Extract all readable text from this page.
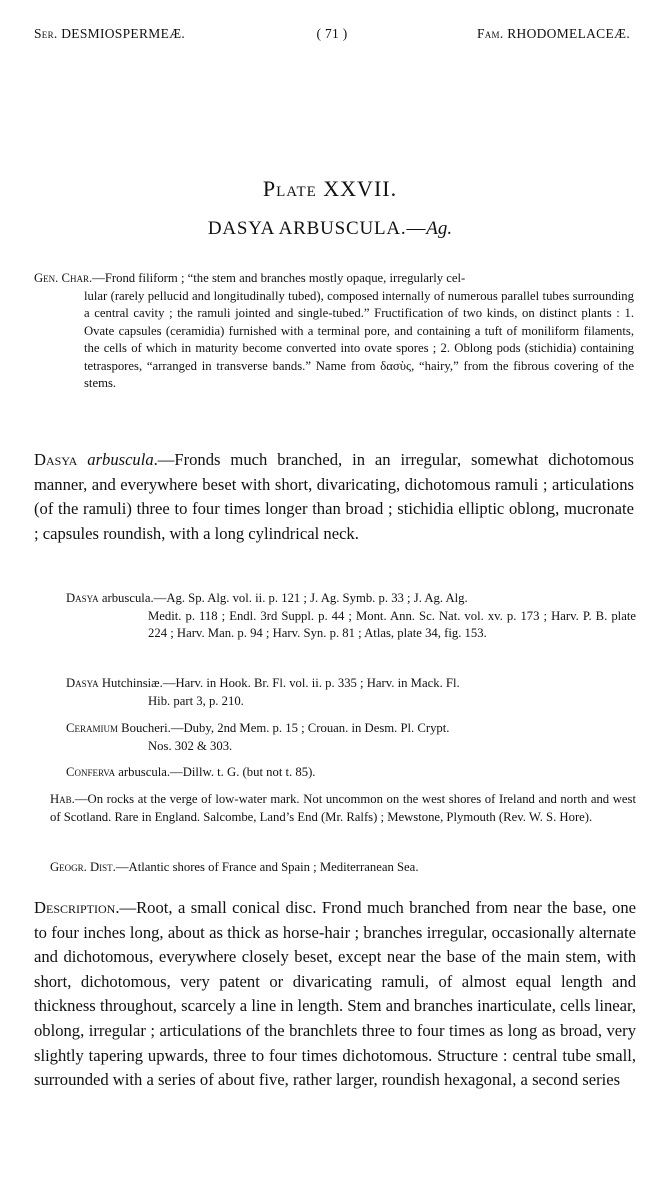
Ser. DESMIOSPERMEÆ.	( 71 )	Fam. RHODOMELACEÆ.
Plate XXVII.
DASYA ARBUSCULA.—Ag.
Gen. Char.—Frond filiform ; “the stem and branches mostly opaque, irregularly cel-
lular (rarely pellucid and longitudinally tubed), composed internally of numerous parallel tubes surrounding a central cavity ; the ramuli jointed and single-tubed.” Fructification of two kinds, on distinct plants : 1. Ovate capsules (ceramidia) furnished with a terminal pore, and containing a tuft of moniliform filaments, the cells of which in maturity become converted into ovate spores ; 2. Oblong pods (stichidia) containing tetraspores, “arranged in transverse bands.” Name from δασὺς, “hairy,” from the fibrous covering of the stems.
Dasya arbuscula.—Fronds much branched, in an irregular, somewhat dichotomous manner, and everywhere beset with short, divaricating, dichotomous ramuli ; articulations (of the ramuli) three to four times longer than broad ; stichidia elliptic oblong, mucronate ; capsules roundish, with a long cylindrical neck.
Dasya arbuscula.—Ag. Sp. Alg. vol. ii. p. 121 ; J. Ag. Symb. p. 33 ; J. Ag. Alg.
Medit. p. 118 ; Endl. 3rd Suppl. p. 44 ; Mont. Ann. Sc. Nat. vol. xv. p. 173 ; Harv. P. B. plate 224 ; Harv. Man. p. 94 ; Harv. Syn. p. 81 ; Atlas, plate 34, fig. 153.
Dasya Hutchinsiæ.—Harv. in Hook. Br. Fl. vol. ii. p. 335 ; Harv. in Mack. Fl.
Hib. part 3, p. 210.
Ceramium Boucheri.—Duby, 2nd Mem. p. 15 ; Crouan. in Desm. Pl. Crypt.
Nos. 302 & 303.
Conferva arbuscula.—Dillw. t. G. (but not t. 85).
Hab.—On rocks at the verge of low-water mark. Not uncommon on the west shores of Ireland and north and west of Scotland. Rare in England. Salcombe, Land’s End (Mr. Ralfs) ; Mewstone, Plymouth (Rev. W. S. Hore).
Geogr. Dist.—Atlantic shores of France and Spain ; Mediterranean Sea.
Description.—Root, a small conical disc. Frond much branched from near the base, one to four inches long, about as thick as horse-hair ; branches irregular, occasionally alternate and dichotomous, everywhere closely beset, except near the base of the main stem, with short, dichotomous, very patent or divaricating ramuli, of almost equal length and thickness throughout, scarcely a line in length. Stem and branches inarticulate, cells linear, oblong, irregular ; articulations of the branchlets three to four times as long as broad, very slightly tapering upwards, three to four times dichotomous. Structure : central tube small, surrounded with a series of about five, rather larger, roundish hexagonal, a second series
